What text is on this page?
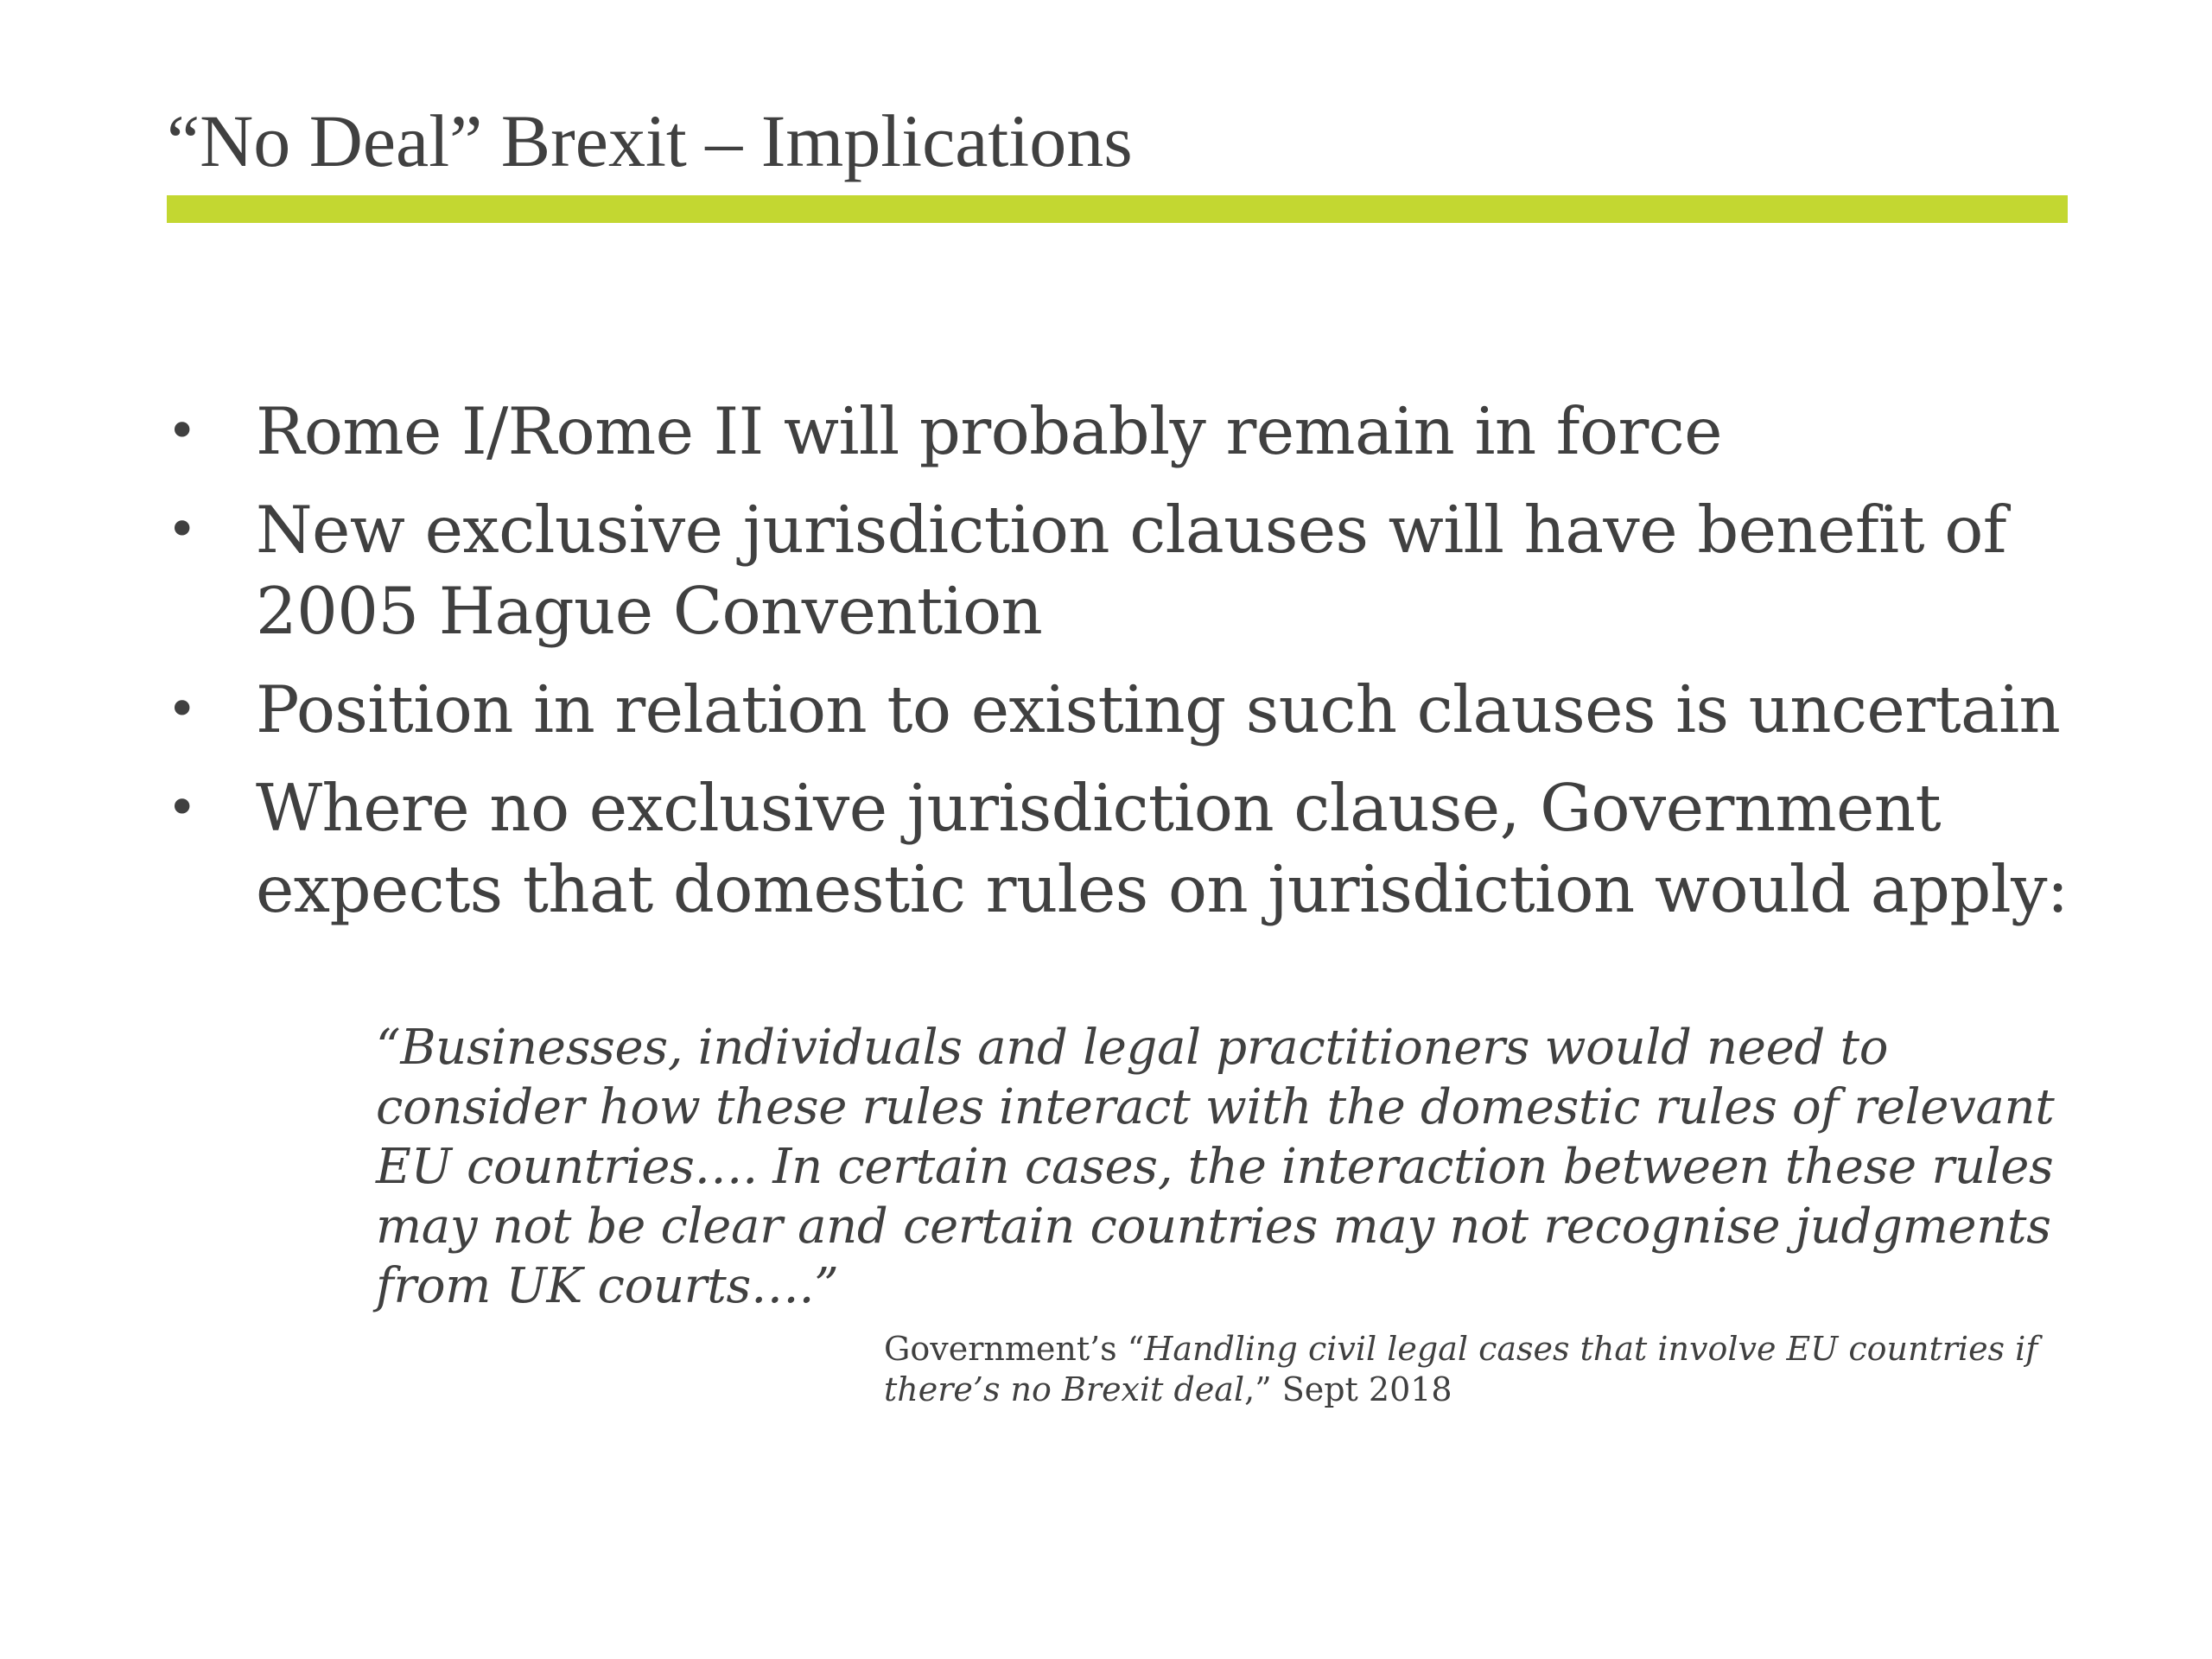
“No Deal” Brexit – Implications
• Rome I/Rome II will probably remain in force
• New exclusive jurisdiction clauses will have benefit of 2005 Hague Convention
• Position in relation to existing such clauses is uncertain
• Where no exclusive jurisdiction clause, Government expects that domestic rules on jurisdiction would apply:

“Businesses, individuals and legal practitioners would need to consider how these rules interact with the domestic rules of relevant EU countries…. In certain cases, the interaction between these rules may not be clear and certain countries may not recognise judgments from UK courts….”

Government’s “Handling civil legal cases that involve EU countries if there’s no Brexit deal,” Sept 2018
